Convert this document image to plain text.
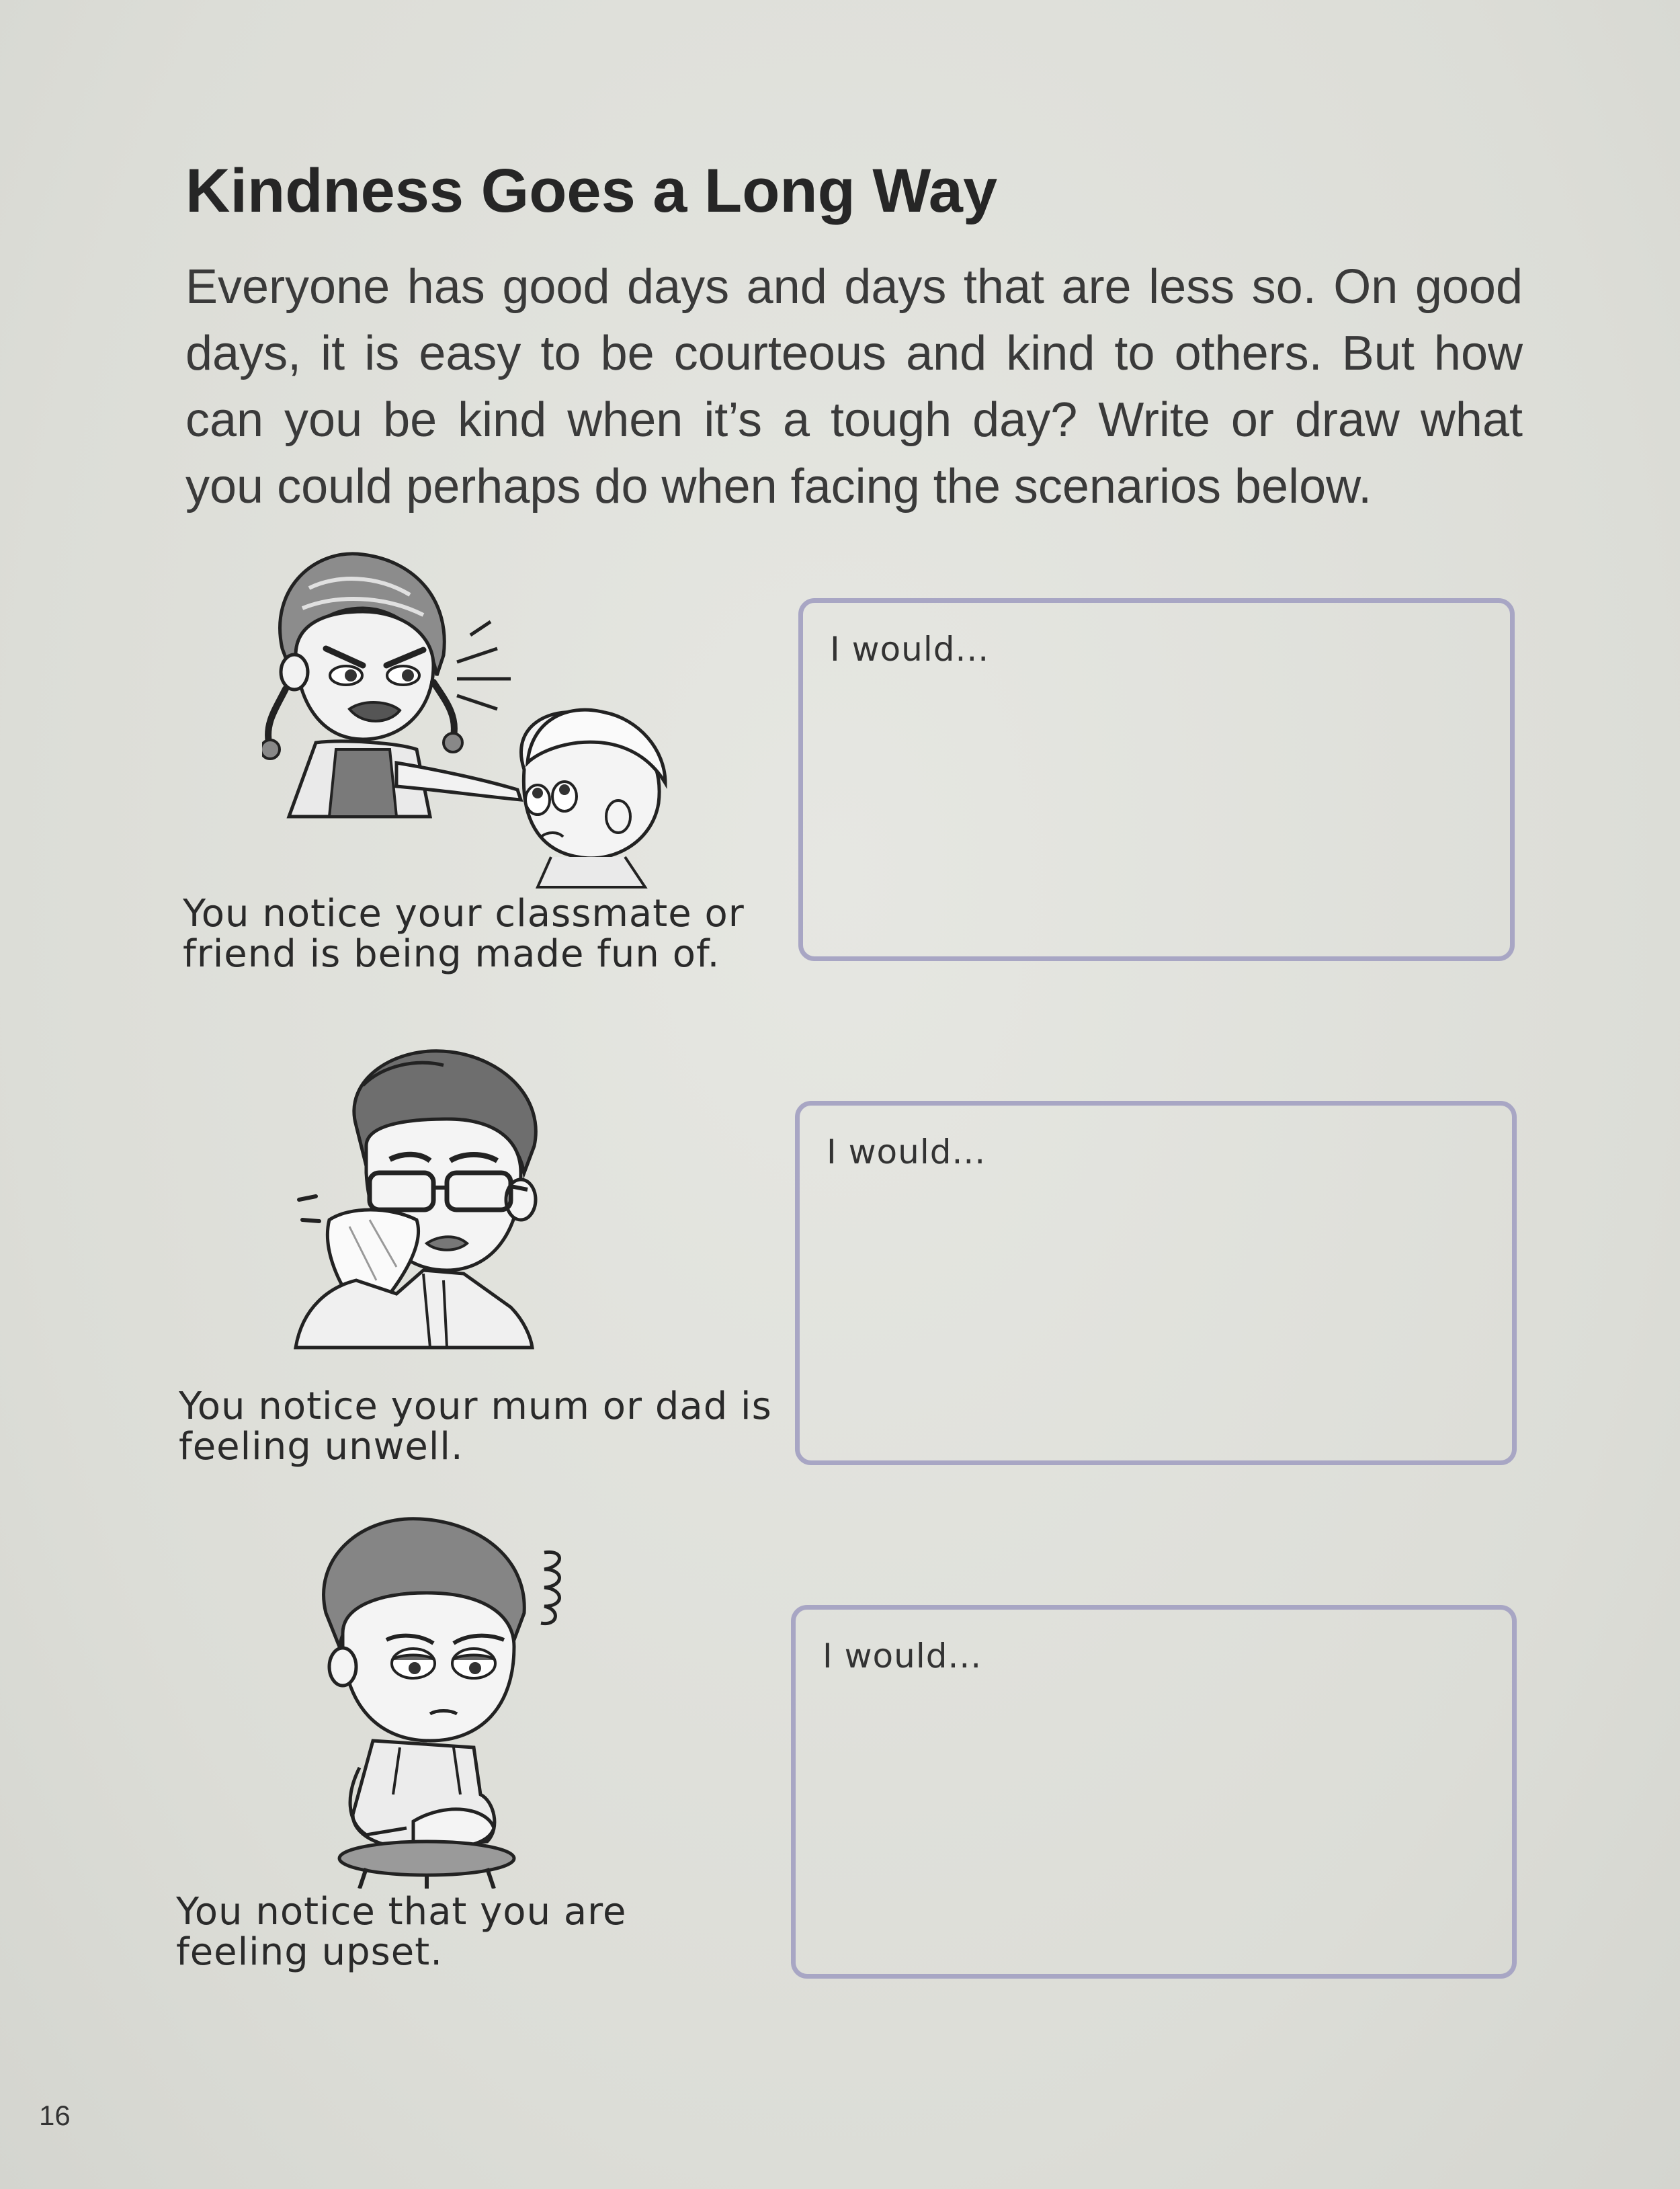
Kindness Goes a Long Way
Everyone has good days and days that are less so. On good days, it is easy to be courteous and kind to others. But how can you be kind when it’s a tough day? Write or draw what you could perhaps do when facing the scenarios below.
You notice your classmate or
friend is being made fun of.
I would...
You notice your mum or dad is
feeling unwell.
I would...
You notice that you are
feeling upset.
I would...
16
